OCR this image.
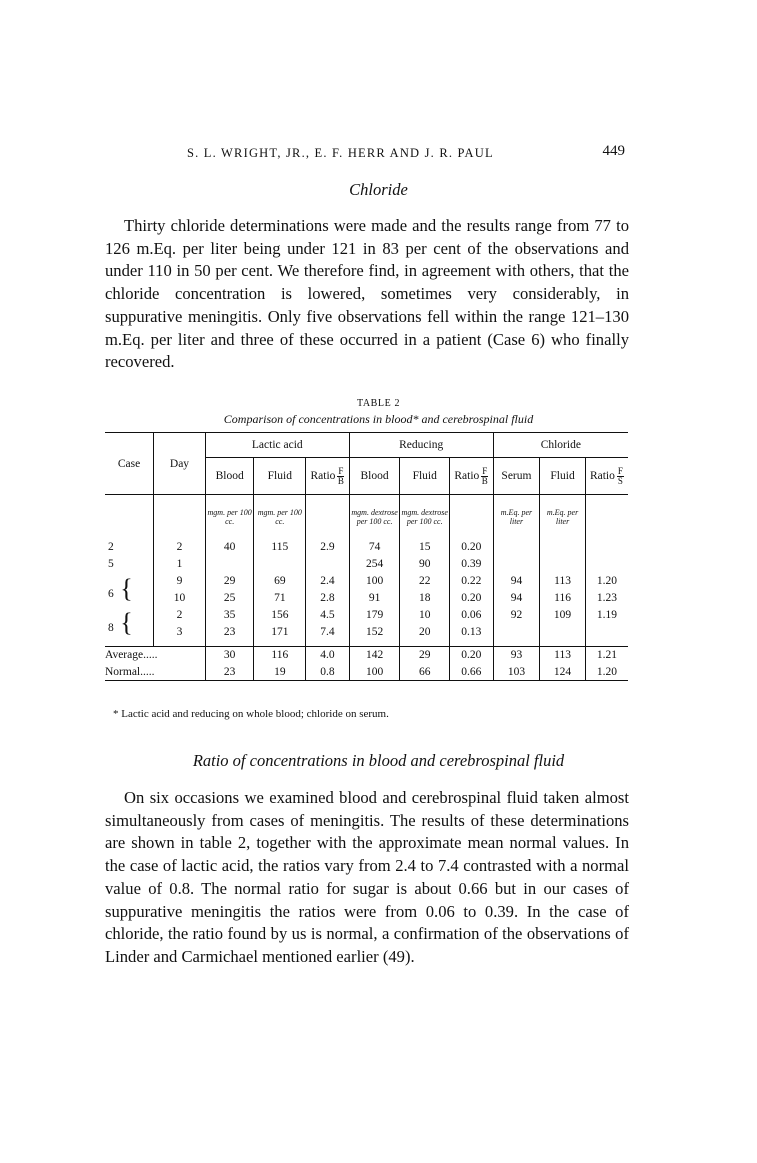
S. L. WRIGHT, JR., E. F. HERR AND J. R. PAUL	449
Chloride

Thirty chloride determinations were made and the results range from 77 to 126 m.Eq. per liter being under 121 in 83 per cent of the observations and under 110 in 50 per cent. We therefore find, in agreement with others, that the chloride concentration is lowered, sometimes very considerably, in suppurative meningitis. Only five observations fell within the range 121–130 m.Eq. per liter and three of these occurred in a patient (Case 6) who finally recovered.

TABLE 2
Comparison of concentrations in blood* and cerebrospinal fluid
Case	Day	Lactic acid			Reducing			Chloride		
		Blood	Fluid	Ratio $\frac{F}{B}$	Blood	Fluid	Ratio $\frac{F}{B}$	Serum	Fluid	Ratio $\frac{F}{S}$

		mgm. per 100 cc.	mgm. per 100 cc.		mgm. dextrose per 100 cc.	mgm. dextrose per 100 cc.		m.Eq. per liter	m.Eq. per liter	
2	2	40	115	2.9	74	15	0.20			
5	1				254	90	0.39			
6 {	9	29	69	2.4	100	22	0.22	94	113	1.20
	10	25	71	2.8	91	18	0.20	94	116	1.23
8 {	2	35	156	4.5	179	10	0.06	92	109	1.19
	3	23	171	7.4	152	20	0.13			

Average.....		30	116	4.0	142	29	0.20	93	113	1.21
Normal.....		23	19	0.8	100	66	0.66	103	124	1.20
* Lactic acid and reducing on whole blood; chloride on serum.
Ratio of concentrations in blood and cerebrospinal fluid

On six occasions we examined blood and cerebrospinal fluid taken almost simultaneously from cases of meningitis. The results of these determinations are shown in table 2, together with the approximate mean normal values. In the case of lactic acid, the ratios vary from 2.4 to 7.4 contrasted with a normal value of 0.8. The normal ratio for sugar is about 0.66 but in our cases of suppurative meningitis the ratios were from 0.06 to 0.39. In the case of chloride, the ratio found by us is normal, a confirmation of the observations of Linder and Carmichael mentioned earlier (49).
